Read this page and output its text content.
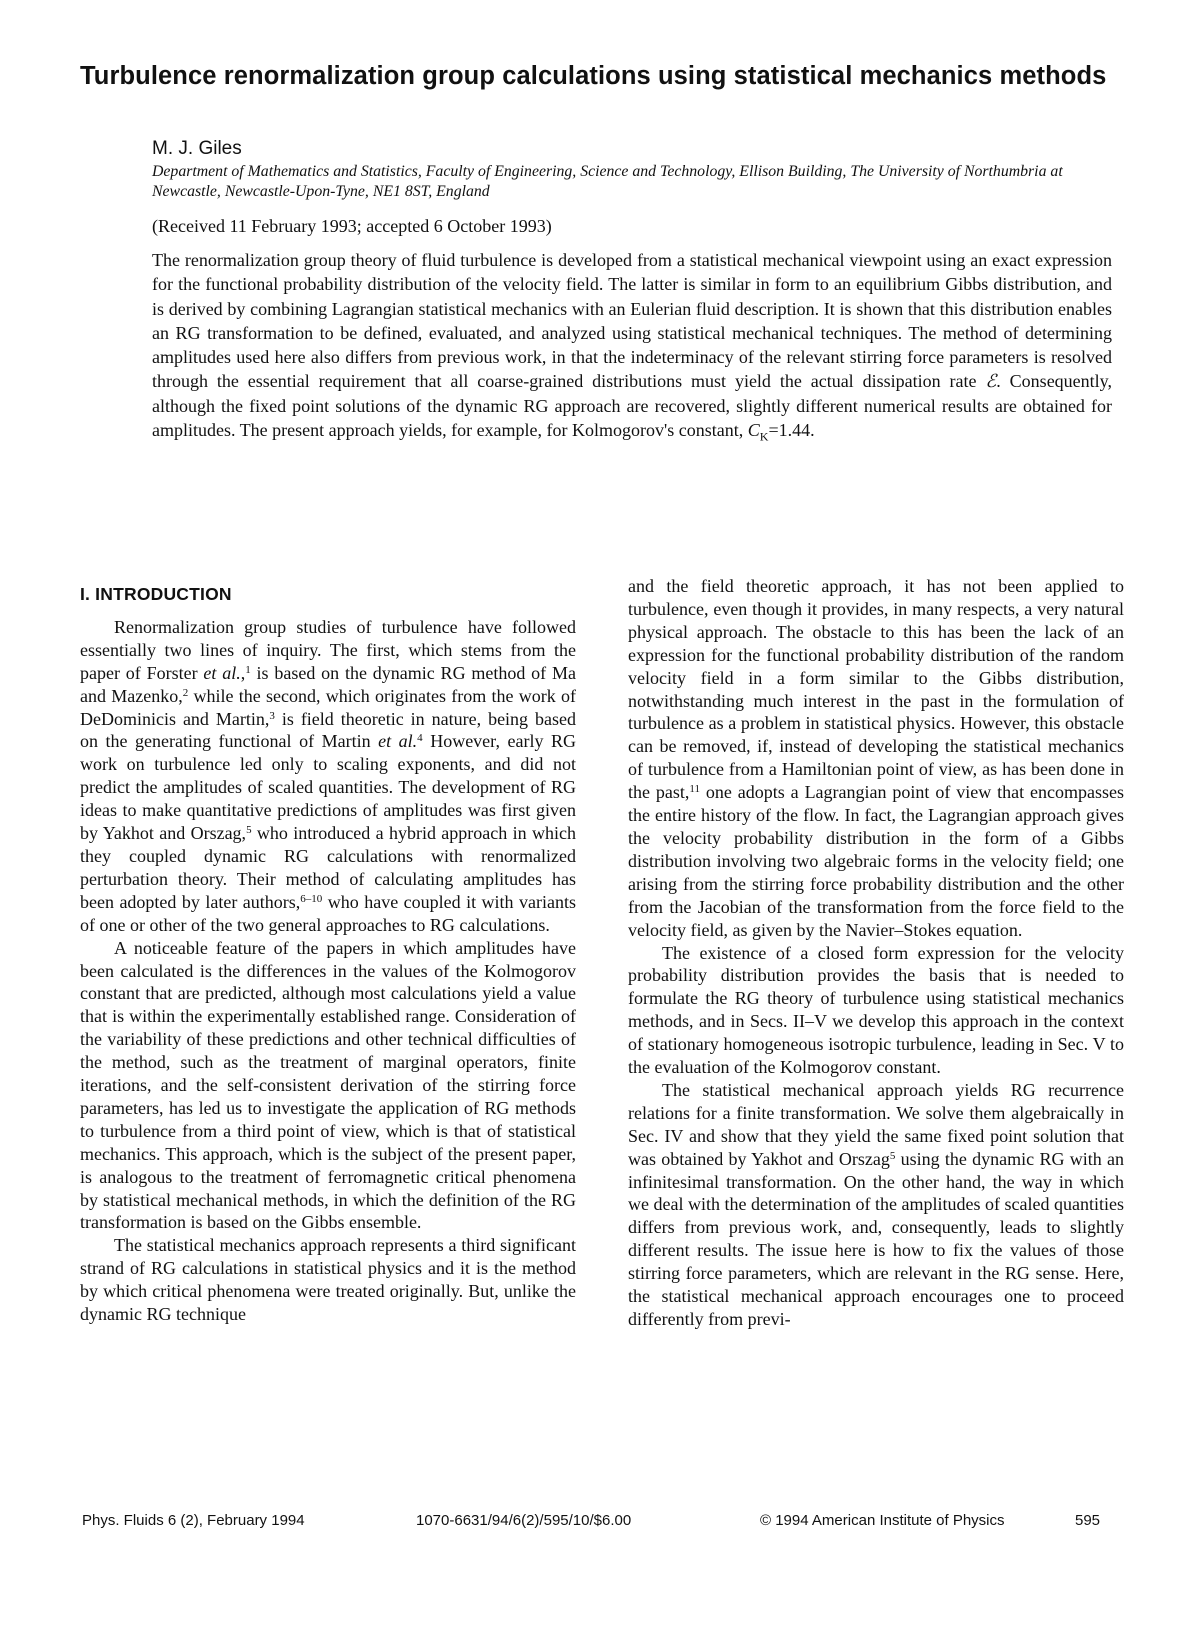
Turbulence renormalization group calculations using statistical mechanics methods
M. J. Giles
Department of Mathematics and Statistics, Faculty of Engineering, Science and Technology, Ellison Building, The University of Northumbria at Newcastle, Newcastle-Upon-Tyne, NE1 8ST, England
(Received 11 February 1993; accepted 6 October 1993)

The renormalization group theory of fluid turbulence is developed from a statistical mechanical viewpoint using an exact expression for the functional probability distribution of the velocity field. The latter is similar in form to an equilibrium Gibbs distribution, and is derived by combining Lagrangian statistical mechanics with an Eulerian fluid description. It is shown that this distribution enables an RG transformation to be defined, evaluated, and analyzed using statistical mechanical techniques. The method of determining amplitudes used here also differs from previous work, in that the indeterminacy of the relevant stirring force parameters is resolved through the essential requirement that all coarse-grained distributions must yield the actual dissipation rate ℰ. Consequently, although the fixed point solutions of the dynamic RG approach are recovered, slightly different numerical results are obtained for amplitudes. The present approach yields, for example, for Kolmogorov's constant, $C_K=1.44$.

I. INTRODUCTION

Renormalization group studies of turbulence have followed essentially two lines of inquiry. The first, which stems from the paper of Forster et al.,$^1$ is based on the dynamic RG method of Ma and Mazenko,$^2$ while the second, which originates from the work of DeDominicis and Martin,$^3$ is field theoretic in nature, being based on the generating functional of Martin et al.$^4$ However, early RG work on turbulence led only to scaling exponents, and did not predict the amplitudes of scaled quantities. The development of RG ideas to make quantitative predictions of amplitudes was first given by Yakhot and Orszag,$^5$ who introduced a hybrid approach in which they coupled dynamic RG calculations with renormalized perturbation theory. Their method of calculating amplitudes has been adopted by later authors,$^{6-10}$ who have coupled it with variants of one or other of the two general approaches to RG calculations.

A noticeable feature of the papers in which amplitudes have been calculated is the differences in the values of the Kolmogorov constant that are predicted, although most calculations yield a value that is within the experimentally established range. Consideration of the variability of these predictions and other technical difficulties of the method, such as the treatment of marginal operators, finite iterations, and the self-consistent derivation of the stirring force parameters, has led us to investigate the application of RG methods to turbulence from a third point of view, which is that of statistical mechanics. This approach, which is the subject of the present paper, is analogous to the treatment of ferromagnetic critical phenomena by statistical mechanical methods, in which the definition of the RG transformation is based on the Gibbs ensemble.

The statistical mechanics approach represents a third significant strand of RG calculations in statistical physics and it is the method by which critical phenomena were treated originally. But, unlike the dynamic RG technique

and the field theoretic approach, it has not been applied to turbulence, even though it provides, in many respects, a very natural physical approach. The obstacle to this has been the lack of an expression for the functional probability distribution of the random velocity field in a form similar to the Gibbs distribution, notwithstanding much interest in the past in the formulation of turbulence as a problem in statistical physics. However, this obstacle can be removed, if, instead of developing the statistical mechanics of turbulence from a Hamiltonian point of view, as has been done in the past,$^{11}$ one adopts a Lagrangian point of view that encompasses the entire history of the flow. In fact, the Lagrangian approach gives the velocity probability distribution in the form of a Gibbs distribution involving two algebraic forms in the velocity field; one arising from the stirring force probability distribution and the other from the Jacobian of the transformation from the force field to the velocity field, as given by the Navier–Stokes equation.

The existence of a closed form expression for the velocity probability distribution provides the basis that is needed to formulate the RG theory of turbulence using statistical mechanics methods, and in Secs. II–V we develop this approach in the context of stationary homogeneous isotropic turbulence, leading in Sec. V to the evaluation of the Kolmogorov constant.

The statistical mechanical approach yields RG recurrence relations for a finite transformation. We solve them algebraically in Sec. IV and show that they yield the same fixed point solution that was obtained by Yakhot and Orszag$^5$ using the dynamic RG with an infinitesimal transformation. On the other hand, the way in which we deal with the determination of the amplitudes of scaled quantities differs from previous work, and, consequently, leads to slightly different results. The issue here is how to fix the values of those stirring force parameters, which are relevant in the RG sense. Here, the statistical mechanical approach encourages one to proceed differently from previ-

Phys. Fluids 6 (2), February 1994	1070-6631/94/6(2)/595/10/$6.00	© 1994 American Institute of Physics	595
